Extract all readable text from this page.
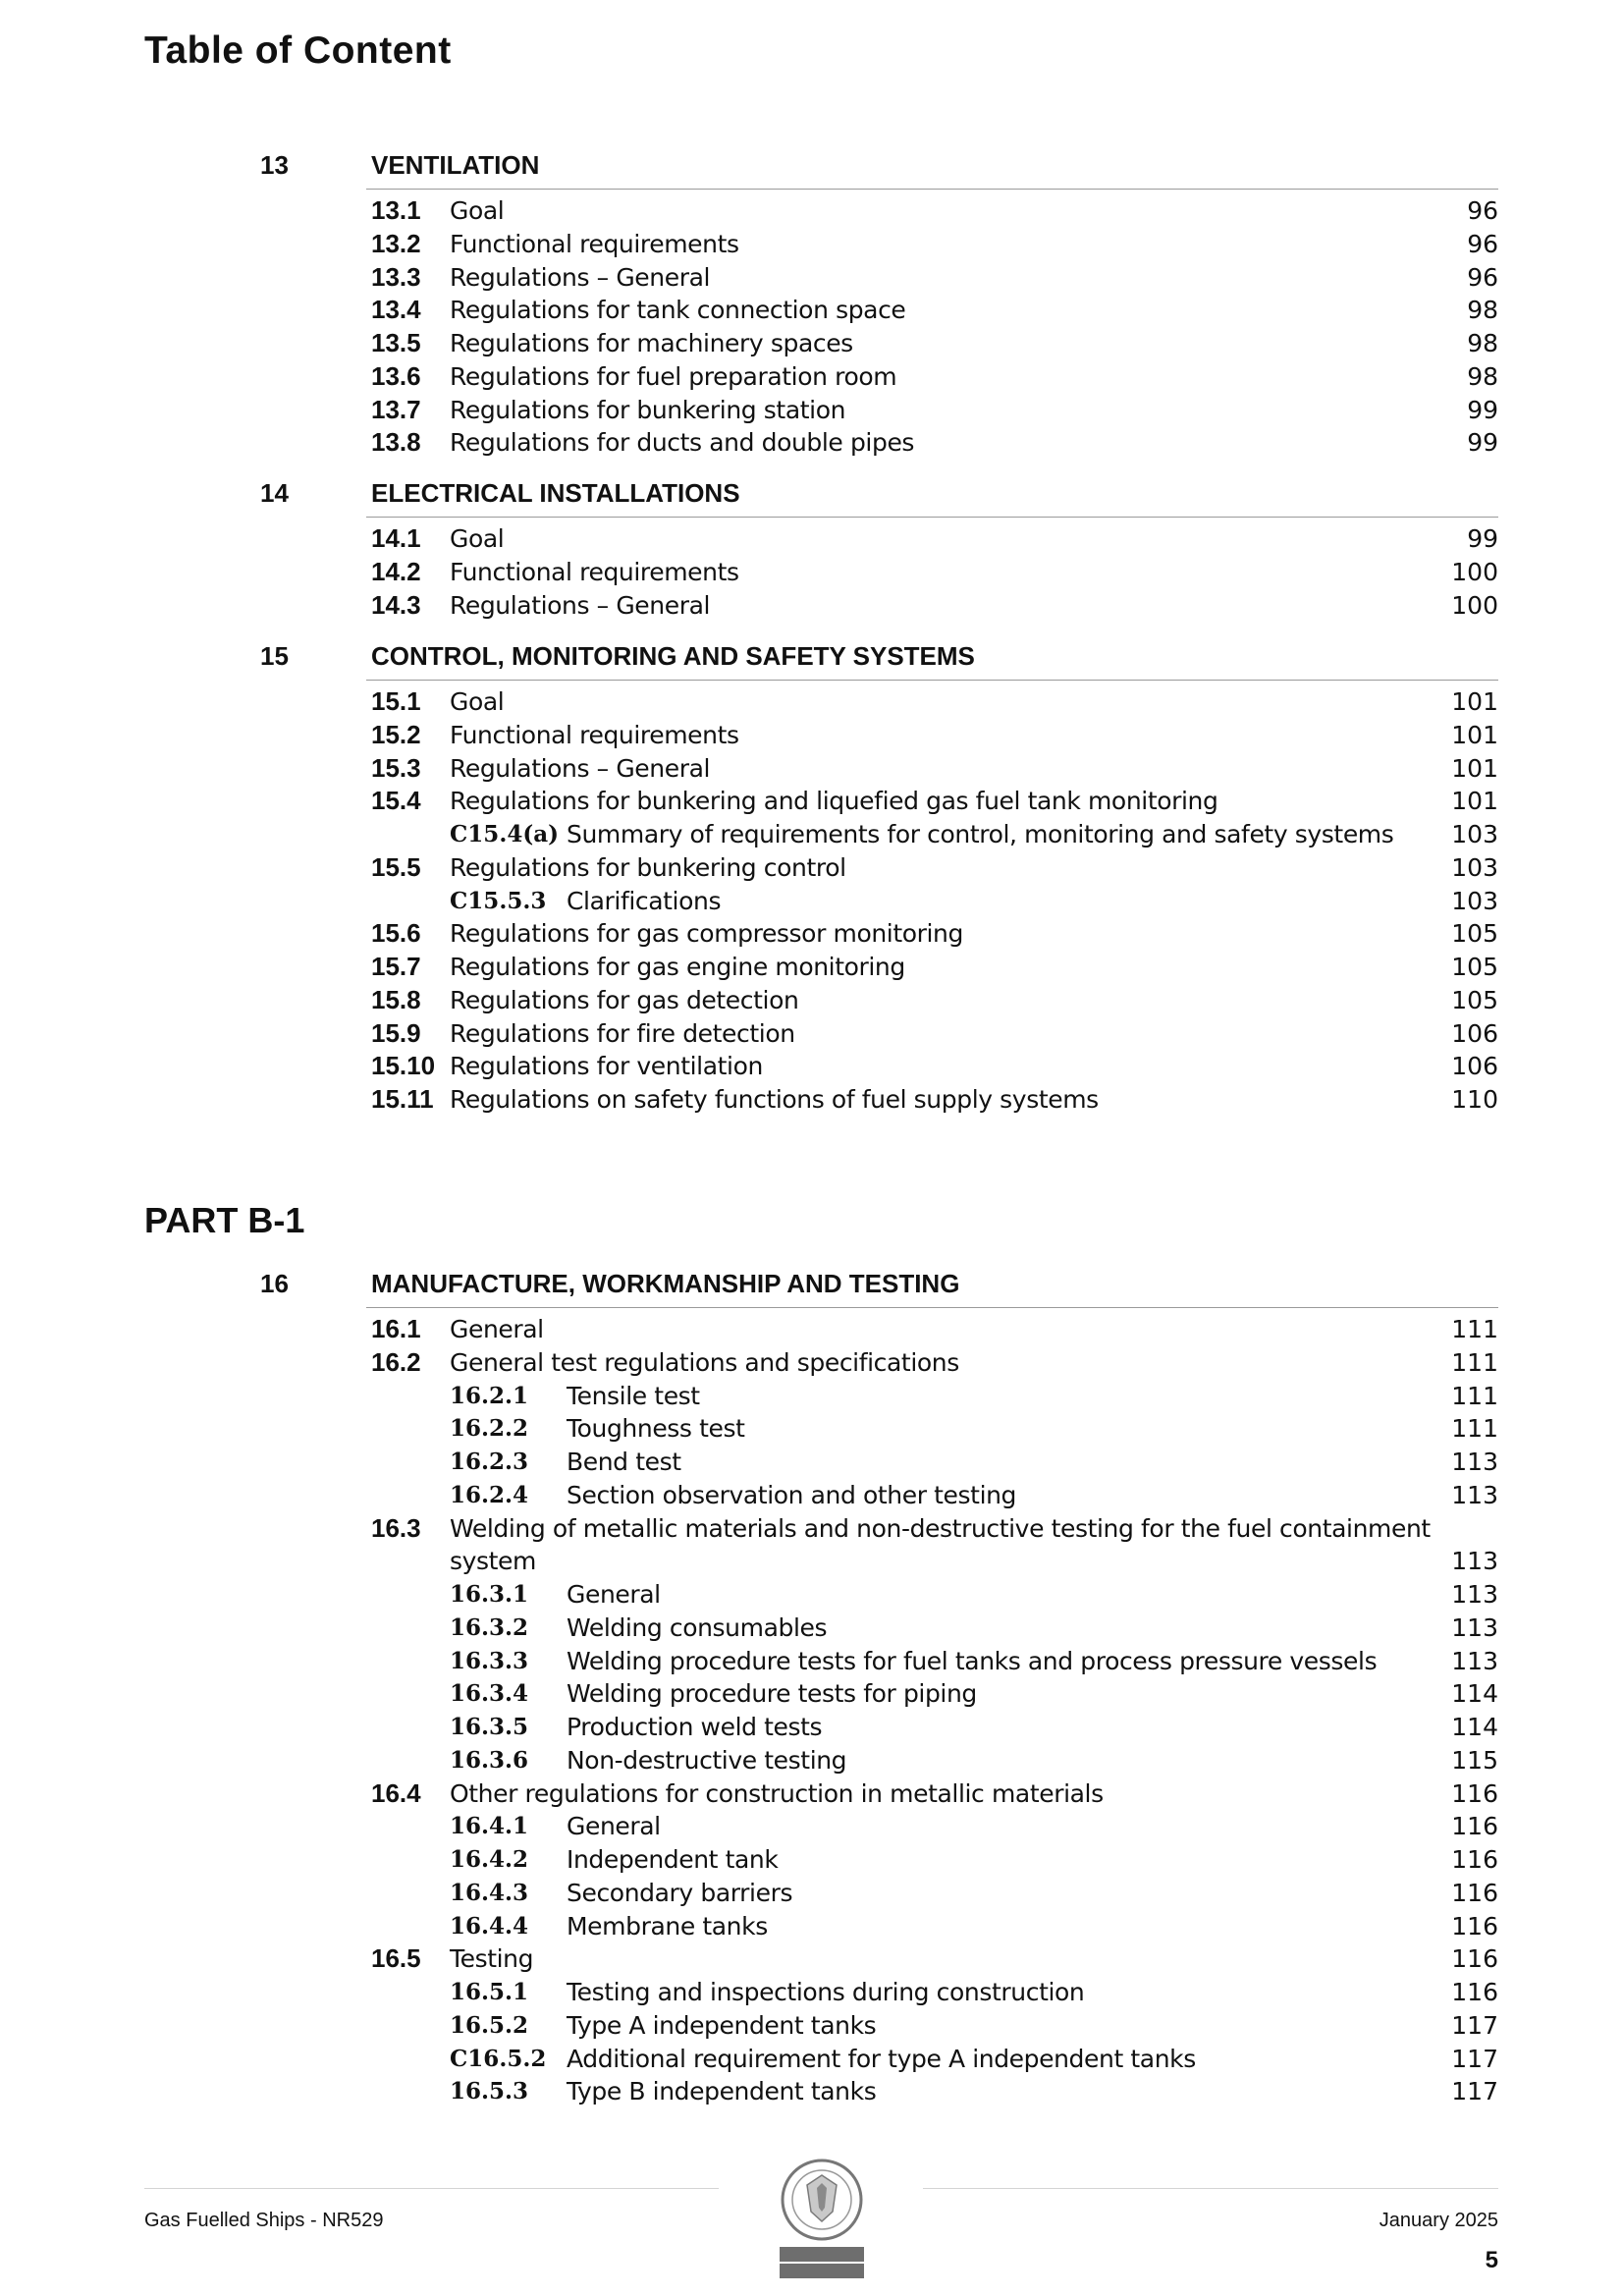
Table of Content
13	VENTILATION
13.1 Goal	96
13.2 Functional requirements	96
13.3 Regulations – General	96
13.4 Regulations for tank connection space	98
13.5 Regulations for machinery spaces	98
13.6 Regulations for fuel preparation room	98
13.7 Regulations for bunkering station	99
13.8 Regulations for ducts and double pipes	99
14	ELECTRICAL INSTALLATIONS
14.1 Goal	99
14.2 Functional requirements	100
14.3 Regulations – General	100
15	CONTROL, MONITORING AND SAFETY SYSTEMS
15.1 Goal	101
15.2 Functional requirements	101
15.3 Regulations – General	101
15.4 Regulations for bunkering and liquefied gas fuel tank monitoring	101
C15.4(a) Summary of requirements for control, monitoring and safety systems 103
15.5 Regulations for bunkering control	103
C15.5.3 Clarifications	103
15.6 Regulations for gas compressor monitoring	105
15.7 Regulations for gas engine monitoring	105
15.8 Regulations for gas detection	105
15.9 Regulations for fire detection	106
15.10 Regulations for ventilation	106
15.11 Regulations on safety functions of fuel supply systems	110
PART B-1
16	MANUFACTURE, WORKMANSHIP AND TESTING
16.1 General	111
16.2 General test regulations and specifications	111
16.2.1 Tensile test	111
16.2.2 Toughness test	111
16.2.3 Bend test	113
16.2.4 Section observation and other testing	113
16.3 Welding of metallic materials and non-destructive testing for the fuel containment
system	113
16.3.1 General	113
16.3.2 Welding consumables	113
16.3.3 Welding procedure tests for fuel tanks and process pressure vessels	113
16.3.4 Welding procedure tests for piping	114
16.3.5 Production weld tests	114
16.3.6 Non-destructive testing	115
16.4 Other regulations for construction in metallic materials	116
16.4.1 General	116
16.4.2 Independent tank	116
16.4.3 Secondary barriers	116
16.4.4 Membrane tanks	116
16.5 Testing	116
16.5.1 Testing and inspections during construction	116
16.5.2 Type A independent tanks	117
C16.5.2 Additional requirement for type A independent tanks	117
16.5.3 Type B independent tanks	117
Gas Fuelled Ships - NR529	January 2025
5
